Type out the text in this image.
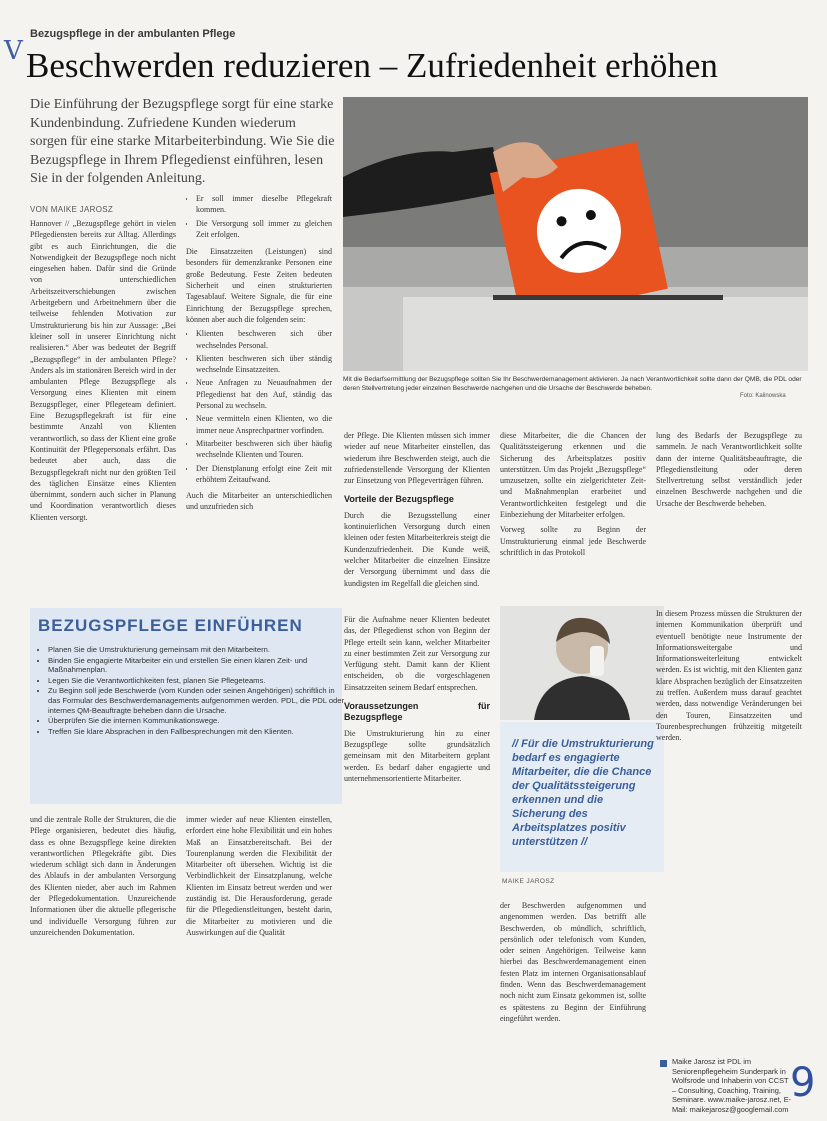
V
Bezugspflege in der ambulanten Pflege
Beschwerden reduzieren – Zufriedenheit erhöhen
Die Einführung der Bezugspflege sorgt für eine starke Kundenbindung. Zufriedene Kunden wiederum sorgen für eine starke Mitarbeiterbindung. Wie Sie die Bezugspflege in Ihrem Pflegedienst einführen, lesen Sie in der folgenden Anleitung.
VON MAIKE JAROSZ
Hannover // „Bezugspflege gehört in vielen Pflegediensten bereits zur Alltag. Allerdings gibt es auch Einrichtungen, die die Notwendigkeit der Bezugspflege noch nicht eingesehen haben. Dafür sind die Gründe von unterschiedlichen Arbeitszeitverschiebungen zwischen Arbeitgebern und Arbeitnehmern über die teilweise fehlenden Motivation zur Umstrukturierung bis hin zur Aussage: „Bei kleiner soll in unserer Einrichtung nicht realisieren.“ Aber was bedeutet der Begriff „Bezugspflege“ in der ambulanten Pflege? Anders als im stationären Bereich wird in der ambulanten Pflege Bezugspflege als Versorgung eines Klienten mit einem Bezugspfleger, einer Pflegeteam definiert. Eine Bezugspflegekraft ist für eine bestimmte Anzahl von Klienten verantwortlich, so dass der Klient eine große Kontinuität der Pflegepersonals erfährt. Das bedeutet aber auch, dass die Bezugspflegekraft nicht nur den größten Teil des täglichen Einsätze eines Klienten übernimmt, sondern auch sicher in Planung und Koordination verantwortlich dieses Klienten versorgt.
• Er soll immer dieselbe Pflegekraft kommen.
• Die Versorgung soll immer zu gleichen Zeit erfolgen.
Die Einsatzzeiten (Leistungen) sind besonders für demenzkranke Personen eine große Bedeutung. Feste Zeiten bedeuten Sicherheit und einen strukturierten Tagesablauf. Weitere Signale, die für eine Einrichtung der Bezugspflege sprechen, können aber auch die folgenden sein:
• Klienten beschweren sich über wechselndes Personal.
• Klienten beschweren sich über ständig wechselnde Einsatzzeiten.
• Neue Anfragen zu Neuaufnahmen der Pflegedienst hat den Auf, ständig das Personal zu wechseln.
• Neue vermitteln einen Klienten, wo die immer neue Ansprechpartner vorfinden.
• Mitarbeiter beschweren sich über häufig wechselnde Klienten und Touren.
• Der Dienstplanung erfolgt eine Zeit mit erhöhtem Zeitaufwand.
Auch die Mitarbeiter an unterschiedlichen und unzufrieden sich
Mit die Bedarfsermittlung der Bezugspflege sollten Sie Ihr Beschwerdemanagement aktivieren. Ja nach Verantwortlichkeit sollte dann der QMB, die PDL oder deren Stellvertretung jeder einzelnen Beschwerde nachgehen und die Ursache der Beschwerde beheben.
Foto: Kalinowska
der Pflege. Die Klienten müssen sich immer wieder auf neue Mitarbeiter einstellen, das wiederum ihre Beschwerden steigt, auch die zufriedenstellende Versorgung der Klienten zur Einsetzung von Pflegeverträgen führen.
Vorteile der Bezugspflege
Durch die Bezugsstellung einer kontinuierlichen Versorgung durch einen kleinen oder festen Mitarbeiterkreis steigt die Kundenzufriedenheit. Die Kunde weiß, welcher Mitarbeiter die einzelnen Einsätze der Versorgung übernimmt und dass die kundigsten im Regelfall die gleichen sind.
diese Mitarbeiter, die die Chancen der Qualitätssteigerung erkennen und die Sicherung des Arbeitsplatzes positiv unterstützen. Um das Projekt „Bezugspflege“ umzusetzen, sollte ein zielgerichteter Zeit- und Maßnahmenplan erarbeitet und Verantwortlichkeiten festgelegt und die Einbeziehung der Mitarbeiter erfolgen.
Vorweg sollte zu Beginn der Umstrukturierung einmal jede Beschwerde schriftlich in das Protokoll
lung des Bedarfs der Bezugspflege zu sammeln. Je nach Verantwortlichkeit sollte dann der interne Qualitätsbeauftragte, die Pflegedienstleitung oder deren Stellvertretung selbst verständlich jeder einzelnen Beschwerde nachgehen und die Ursache der Beschwerde beheben.
BEZUGSPFLEGE EINFÜHREN
• Planen Sie die Umstrukturierung gemeinsam mit den Mitarbeitern.
• Binden Sie engagierte Mitarbeiter ein und erstellen Sie einen klaren Zeit- und Maßnahmenplan.
• Legen Sie die Verantwortlichkeiten fest, planen Sie Pflegeteams.
• Zu Beginn soll jede Beschwerde (vom Kunden oder seinen Angehörigen) schriftlich in das Formular des Beschwerdemanagements aufgenommen werden. PDL, die PDL oder internes QM-Beauftragte beheben dann die Ursache.
• Überprüfen Sie die internen Kommunikationswege.
• Treffen Sie klare Absprachen in den Fallbesprechungen mit den Klienten.
und die zentrale Rolle der Strukturen, die die Pflege organisieren, bedeutet dies häufig, dass es ohne Bezugspflege keine direkten verantwortlichen Pflegekräfte gibt. Dies wiederum schlägt sich dann in Änderungen des Ablaufs in der ambulanten Versorgung des Klienten nieder, aber auch im Rahmen der Pflegedokumentation. Unzureichende Informationen über die aktuelle pflegerische und individuelle Versorgung führen zur unzureichenden Dokumentation.
immer wieder auf neue Klienten einstellen, erfordert eine hohe Flexibilität und ein hohes Maß an Einsatzbereitschaft. Bei der Tourenplanung werden die Flexibilität der Mitarbeiter oft übersehen. Wichtig ist die Verbindlichkeit der Einsatzplanung, welche Klienten im Einsatz betreut werden und wer zuständig ist. Die Herausforderung, gerade für die Pflegedienstleitungen, besteht darin, die Mitarbeiter zu motivieren und die Auswirkungen auf die Qualität
Für die Aufnahme neuer Klienten bedeutet das, der Pflegedienst schon von Beginn der Pflege erteilt sein kann, welcher Mitarbeiter zu einer bestimmten Zeit zur Versorgung zur Verfügung steht. Damit kann der Klient entscheiden, ob die vorgeschlagenen Einsatzzeiten seinem Bedarf entsprechen.
Voraussetzungen für Bezugspflege
Die Umstrukturierung hin zu einer Bezugspflege sollte grundsätzlich gemeinsam mit den Mitarbeitern geplant werden. Es bedarf daher engagierte und unternehmensorientierte Mitarbeiter.
// Für die Umstrukturierung bedarf es engagierte Mitarbeiter, die die Chance der Qualitätssteigerung erkennen und die Sicherung des Arbeitsplatzes positiv unterstützen //
MAIKE JAROSZ
der Beschwerden aufgenommen und angenommen werden. Das betrifft alle Beschwerden, ob mündlich, schriftlich, persönlich oder telefonisch vom Kunden, oder seinen Angehörigen. Teilweise kann hierbei das Beschwerdemanagement einen festen Platz im internen Organisationsablauf finden. Wenn das Beschwerdemanagement noch nicht zum Einsatz gekommen ist, sollte es spätestens zu Beginn der Einführung eingeführt werden.
In diesem Prozess müssen die Strukturen der internen Kommunikation überprüft und eventuell benötigte neue Instrumente der Informationsweitergabe und Informationsweiterleitung entwickelt werden. Es ist wichtig, mit den Klienten ganz klare Absprachen bezüglich der Einsatzzeiten zu treffen. Außerdem muss darauf geachtet werden, dass notwendige Veränderungen bei den Touren, Einsatzzeiten und Tourenbesprechungen frühzeitig mitgeteilt werden.
Maike Jarosz ist PDL im Seniorenpflegeheim Sunderpark in Wolfsrode und Inhaberin von CCST – Consulting, Coaching, Training, Seminare. www.maike-jarosz.net, E-Mail: maikejarosz@googlemail.com
9
